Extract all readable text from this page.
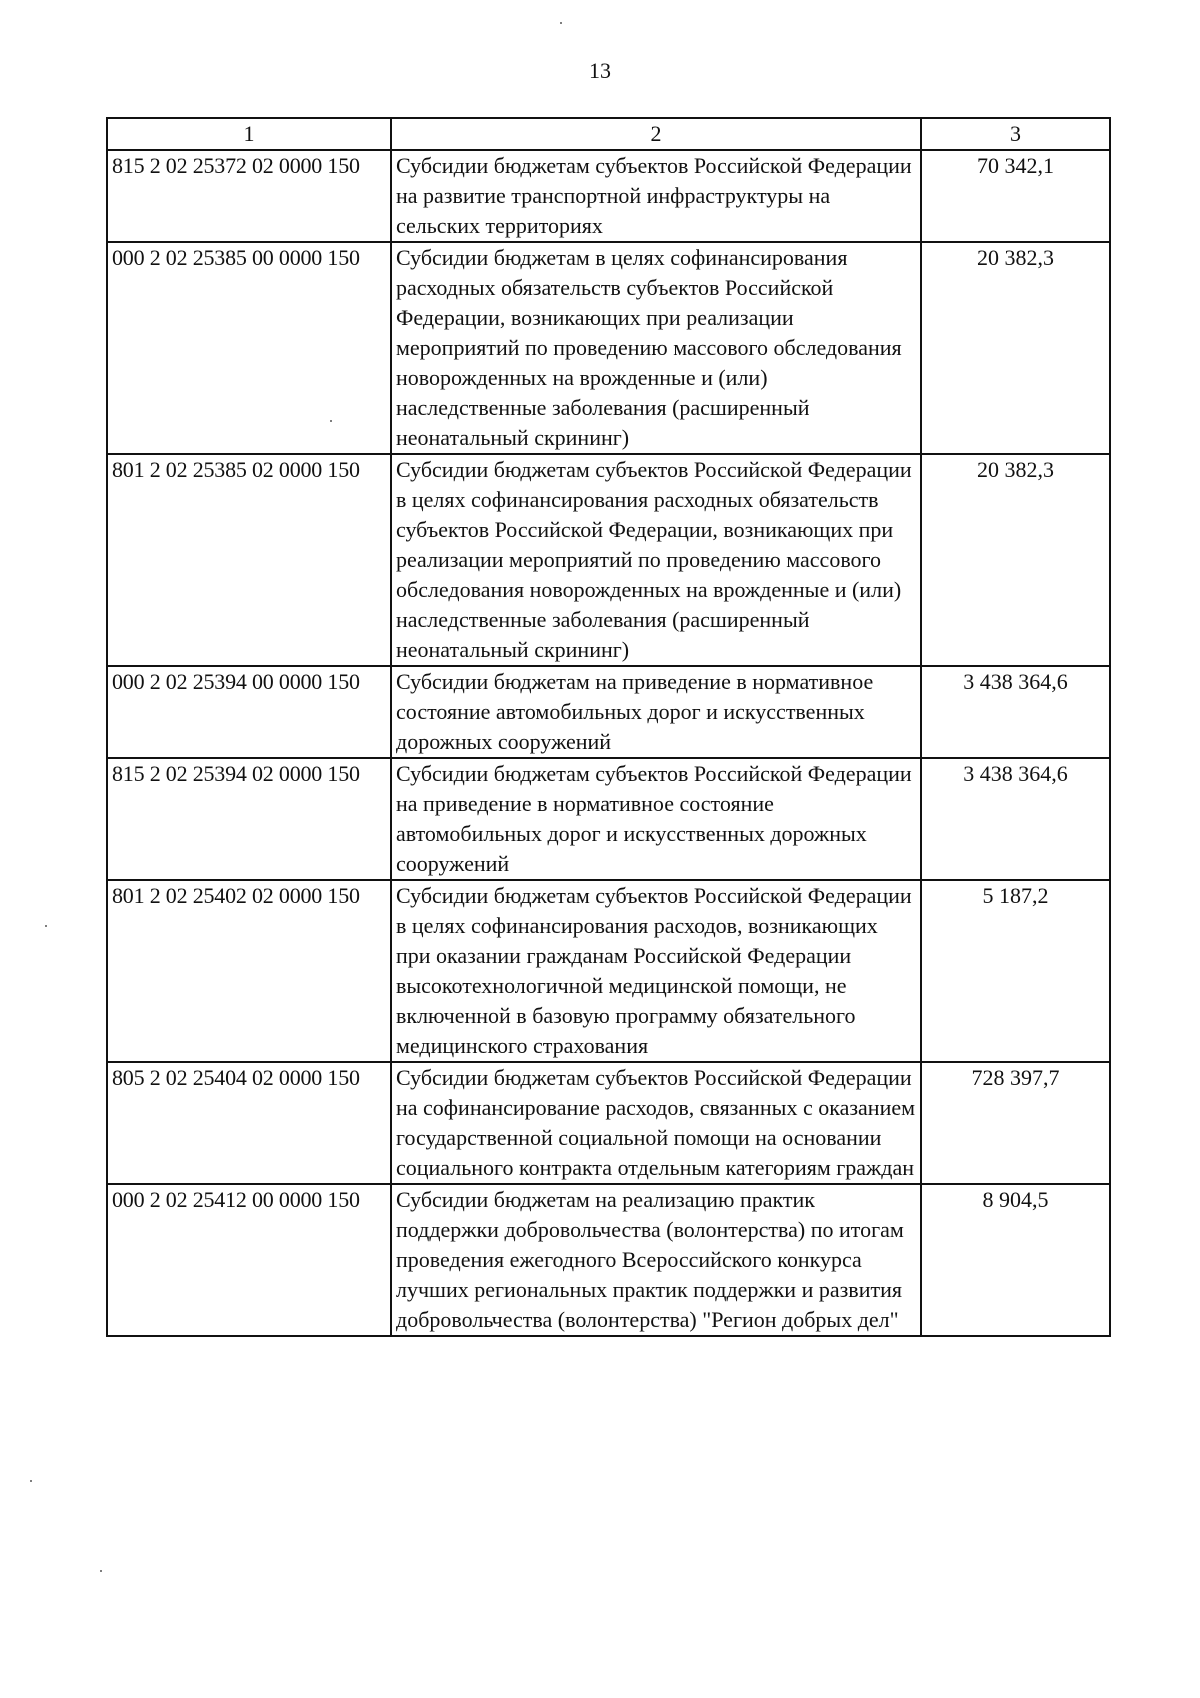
13
1	2	3
815 2 02 25372 02 0000 150	Субсидии бюджетам субъектов Российской Федерации на развитие транспортной инфраструктуры на сельских территориях	70 342,1
000 2 02 25385 00 0000 150	Субсидии бюджетам в целях софинансирования расходных обязательств субъектов Российской Федерации, возникающих при реализации мероприятий по проведению массового обследования новорожденных на врожденные и (или) наследственные заболевания (расширенный неонатальный скрининг)	20 382,3
801 2 02 25385 02 0000 150	Субсидии бюджетам субъектов Российской Федерации в целях софинансирования расходных обязательств субъектов Российской Федерации, возникающих при реализации мероприятий по проведению массового обследования новорожденных на врожденные и (или) наследственные заболевания (расширенный неонатальный скрининг)	20 382,3
000 2 02 25394 00 0000 150	Субсидии бюджетам на приведение в нормативное состояние автомобильных дорог и искусственных дорожных сооружений	3 438 364,6
815 2 02 25394 02 0000 150	Субсидии бюджетам субъектов Российской Федерации на приведение в нормативное состояние автомобильных дорог и искусственных дорожных сооружений	3 438 364,6
801 2 02 25402 02 0000 150	Субсидии бюджетам субъектов Российской Федерации в целях софинансирования расходов, возникающих при оказании гражданам Российской Федерации высокотехнологичной медицинской помощи, не включенной в базовую программу обязательного медицинского страхования	5 187,2
805 2 02 25404 02 0000 150	Субсидии бюджетам субъектов Российской Федерации на софинансирование расходов, связанных с оказанием государственной социальной помощи на основании социального контракта отдельным категориям граждан	728 397,7
000 2 02 25412 00 0000 150	Субсидии бюджетам на реализацию практик поддержки добровольчества (волонтерства) по итогам проведения ежегодного Всероссийского конкурса лучших региональных практик поддержки и развития добровольчества (волонтерства) "Регион добрых дел"	8 904,5
